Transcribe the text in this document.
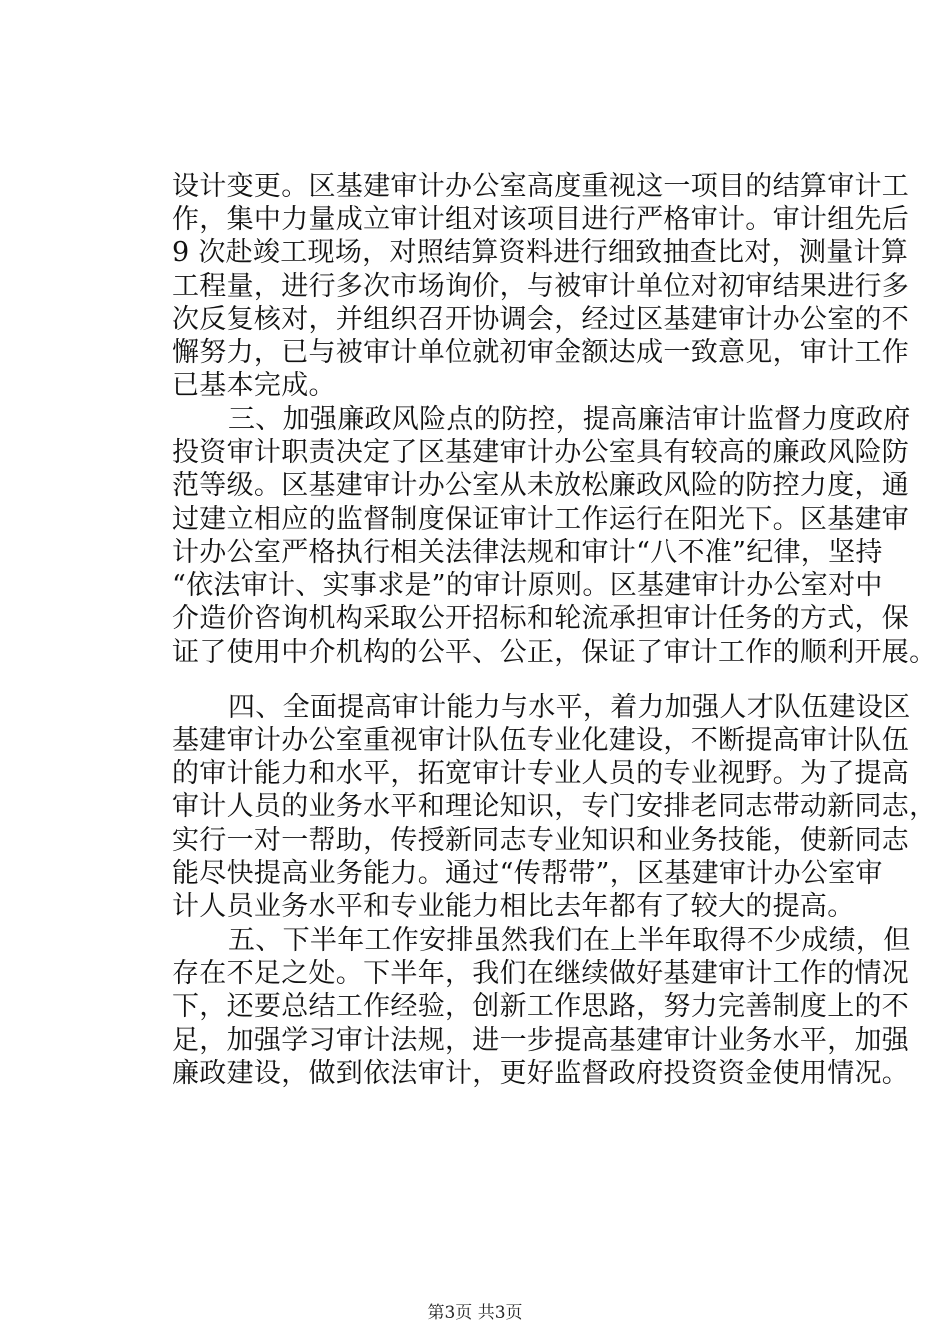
设计变更。区基建审计办公室高度重视这一项目的结算审计工

作，集中力量成立审计组对该项目进行严格审计。审计组先后

9 次赴竣工现场，对照结算资料进行细致抽查比对，测量计算

工程量，进行多次市场询价，与被审计单位对初审结果进行多

次反复核对，并组织召开协调会，经过区基建审计办公室的不

懈努力，已与被审计单位就初审金额达成一致意见，审计工作

已基本完成。

三、加强廉政风险点的防控，提高廉洁审计监督力度政府

投资审计职责决定了区基建审计办公室具有较高的廉政风险防

范等级。区基建审计办公室从未放松廉政风险的防控力度，通

过建立相应的监督制度保证审计工作运行在阳光下。区基建审

计办公室严格执行相关法律法规和审计“八不准”纪律，坚持

“依法审计、实事求是”的审计原则。区基建审计办公室对中

介造价咨询机构采取公开招标和轮流承担审计任务的方式，保

证了使用中介机构的公平、公正，保证了审计工作的顺利开展。

四、全面提高审计能力与水平，着力加强人才队伍建设区

基建审计办公室重视审计队伍专业化建设，不断提高审计队伍

的审计能力和水平，拓宽审计专业人员的专业视野。为了提高

审计人员的业务水平和理论知识，专门安排老同志带动新同志，

实行一对一帮助，传授新同志专业知识和业务技能，使新同志

能尽快提高业务能力。通过“传帮带”，区基建审计办公室审

计人员业务水平和专业能力相比去年都有了较大的提高。

五、下半年工作安排虽然我们在上半年取得不少成绩，但

存在不足之处。下半年，我们在继续做好基建审计工作的情况

下，还要总结工作经验，创新工作思路，努力完善制度上的不

足，加强学习审计法规，进一步提高基建审计业务水平，加强

廉政建设，做到依法审计，更好监督政府投资资金使用情况。

第3页 共3页
